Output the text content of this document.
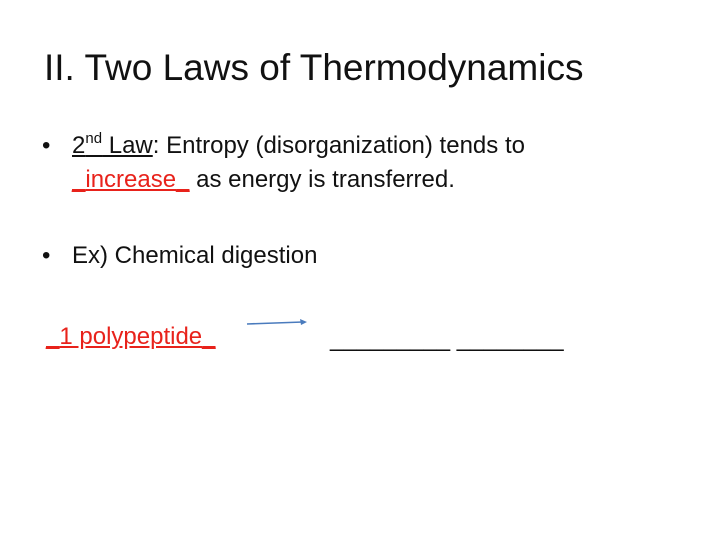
II. Two Laws of Thermodynamics
• 2nd Law: Entropy (disorganization) tends to
_increase_ as energy is transferred.
• Ex) Chemical digestion
_1 polypeptide_	_________ ________
